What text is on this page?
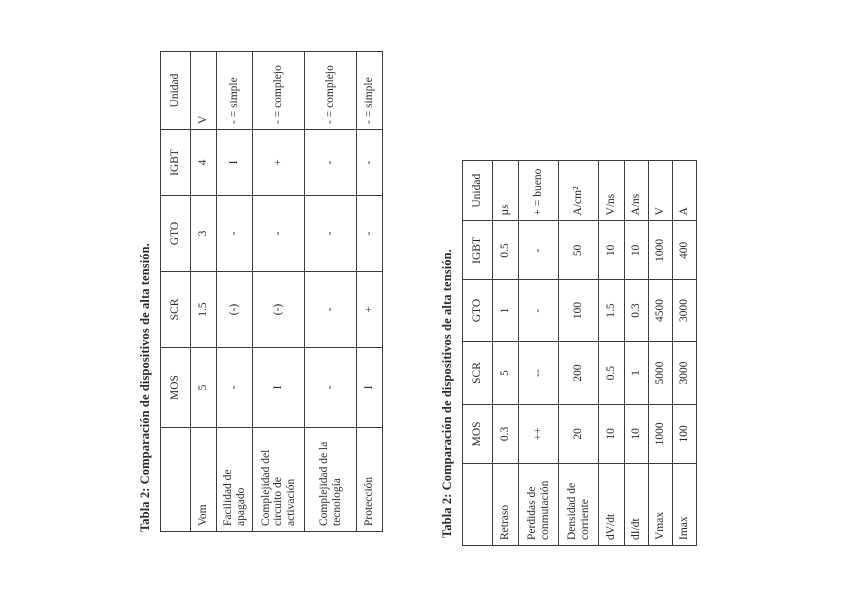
Tabla 2: Comparación de dispositivos de alta tensión.
	MOS	SCR	GTO	IGBT	Unidad
Vom	5	1.5	3	4	V
Facilidad de apagado	-	(-)	-	I	- = simple
Complejidad del circuito de activación	I	(-)	-	+	- = complejo
Complejidad de la tecnología	-	-	-	-	- = complejo
Protección	I	+	-	-	- = simple
Tabla 2: Comparación de dispositivos de alta tensión.
	MOS	SCR	GTO	IGBT	Unidad
Retraso	0.3	5	1	0.5	µs
Perdidas de conmutación	++	--	-	-	+ = bueno
Densidad de corriente	20	200	100	50	A/cm²
dV/dt	10	0.5	1.5	10	V/ns
dI/dt	10	1	0.3	10	A/ns
Vmax	1000	5000	4500	1000	V
Imax	100	3000	3000	400	A
